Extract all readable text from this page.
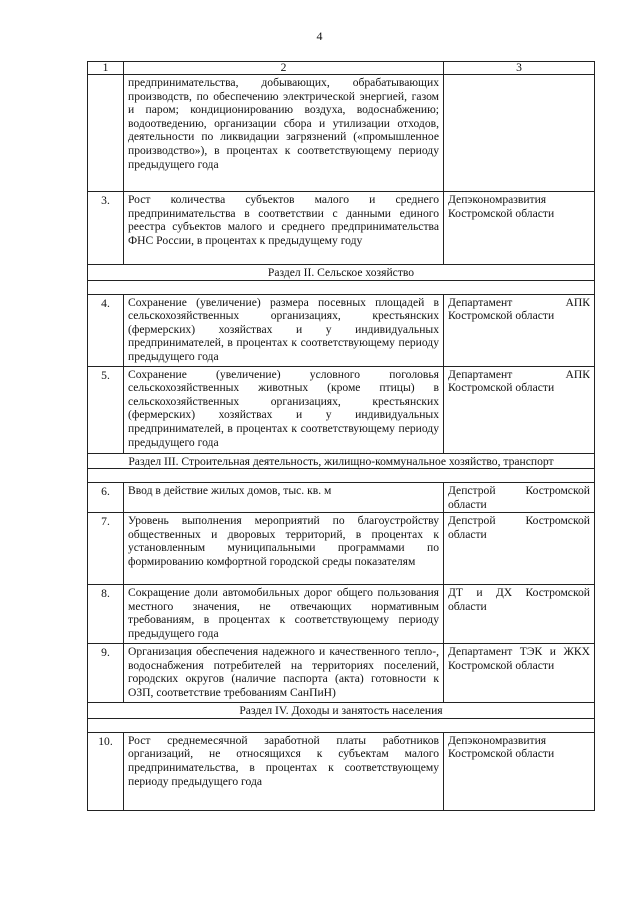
4
1	2	3
	предпринимательства, добывающих, обрабатывающих производств, по обеспечению электрической энергией, газом и паром; кондиционированию воздуха, водоснабжению; водоотведению, организации сбора и утилизации отходов, деятельности по ликвидации загрязнений («промышленное производство»), в процентах к соответствующему периоду предыдущего года	
3.	Рост количества субъектов малого и среднего предпринимательства в соответствии с данными единого реестра субъектов малого и среднего предпринимательства ФНС России, в процентах к предыдущему году	Депэкономразвития Костромской области
Раздел II. Сельское хозяйство		

4.	Сохранение (увеличение) размера посевных площадей в сельскохозяйственных организациях, крестьянских (фермерских) хозяйствах и у индивидуальных предпринимателей, в процентах к соответствующему периоду предыдущего года	Департамент АПК Костромской области
5.	Сохранение (увеличение) условного поголовья сельскохозяйственных животных (кроме птицы) в сельскохозяйственных организациях, крестьянских (фермерских) хозяйствах и у индивидуальных предпринимателей, в процентах к соответствующему периоду предыдущего года	Департамент АПК Костромской области
Раздел III. Строительная деятельность, жилищно-коммунальное хозяйство, транспорт		

6.	Ввод в действие жилых домов, тыс. кв. м	Депстрой Костромской области
7.	Уровень выполнения мероприятий по благоустройству общественных и дворовых территорий, в процентах к установленным муниципальными программами по формированию комфортной городской среды показателям	Депстрой Костромской области
8.	Сокращение доли автомобильных дорог общего пользования местного значения, не отвечающих нормативным требованиям, в процентах к соответствующему периоду предыдущего года	ДТ и ДХ Костромской области
9.	Организация обеспечения надежного и качественного тепло-, водоснабжения потребителей на территориях поселений, городских округов (наличие паспорта (акта) готовности к ОЗП, соответствие требованиям СанПиН)	Департамент ТЭК и ЖКХ Костромской области
Раздел IV. Доходы и занятость населения		

10.	Рост среднемесячной заработной платы работников организаций, не относящихся к субъектам малого предпринимательства, в процентах к соответствующему периоду предыдущего года	Депэкономразвития Костромской области
